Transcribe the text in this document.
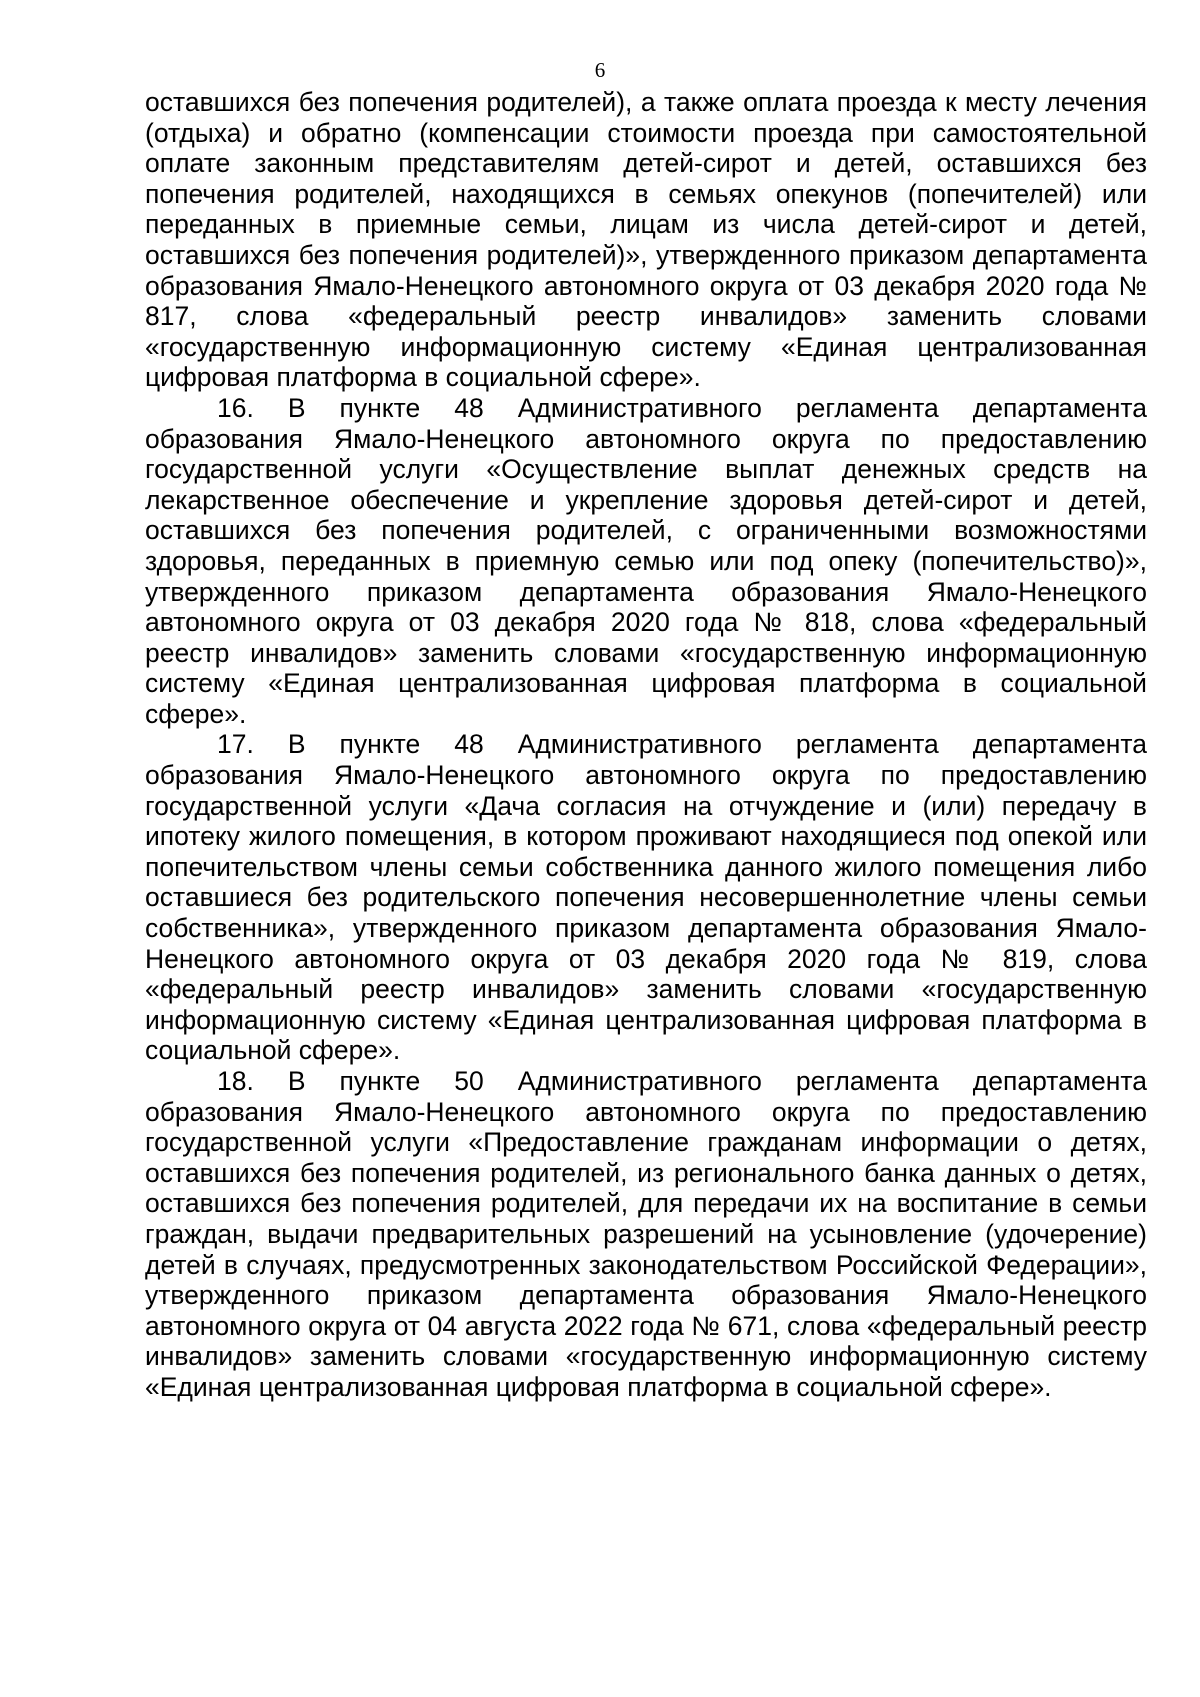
6

оставшихся без попечения родителей), а также оплата проезда к месту лечения (отдыха) и обратно (компенсации стоимости проезда при самостоятельной оплате законным представителям детей-сирот и детей, оставшихся без попечения родителей, находящихся в семьях опекунов (попечителей) или переданных в приемные семьи, лицам из числа детей-сирот и детей, оставшихся без попечения родителей)», утвержденного приказом департамента образования Ямало-Ненецкого автономного округа от 03 декабря 2020 года № 817, слова «федеральный реестр инвалидов» заменить словами «государственную информационную систему «Единая централизованная цифровая платформа в социальной сфере».

16. В пункте 48 Административного регламента департамента образования Ямало-Ненецкого автономного округа по предоставлению государственной услуги «Осуществление выплат денежных средств на лекарственное обеспечение и укрепление здоровья детей-сирот и детей, оставшихся без попечения родителей, с ограниченными возможностями здоровья, переданных в приемную семью или под опеку (попечительство)», утвержденного приказом департамента образования Ямало-Ненецкого автономного округа от 03 декабря 2020 года № 818, слова «федеральный реестр инвалидов» заменить словами «государственную информационную систему «Единая централизованная цифровая платформа в социальной сфере».

17. В пункте 48 Административного регламента департамента образования Ямало-Ненецкого автономного округа по предоставлению государственной услуги «Дача согласия на отчуждение и (или) передачу в ипотеку жилого помещения, в котором проживают находящиеся под опекой или попечительством члены семьи собственника данного жилого помещения либо оставшиеся без родительского попечения несовершеннолетние члены семьи собственника», утвержденного приказом департамента образования Ямало-Ненецкого автономного округа от 03 декабря 2020 года № 819, слова «федеральный реестр инвалидов» заменить словами «государственную информационную систему «Единая централизованная цифровая платформа в социальной сфере».

18. В пункте 50 Административного регламента департамента образования Ямало-Ненецкого автономного округа по предоставлению государственной услуги «Предоставление гражданам информации о детях, оставшихся без попечения родителей, из регионального банка данных о детях, оставшихся без попечения родителей, для передачи их на воспитание в семьи граждан, выдачи предварительных разрешений на усыновление (удочерение) детей в случаях, предусмотренных законодательством Российской Федерации», утвержденного приказом департамента образования Ямало-Ненецкого автономного округа от 04 августа 2022 года № 671, слова «федеральный реестр инвалидов» заменить словами «государственную информационную систему «Единая централизованная цифровая платформа в социальной сфере».
